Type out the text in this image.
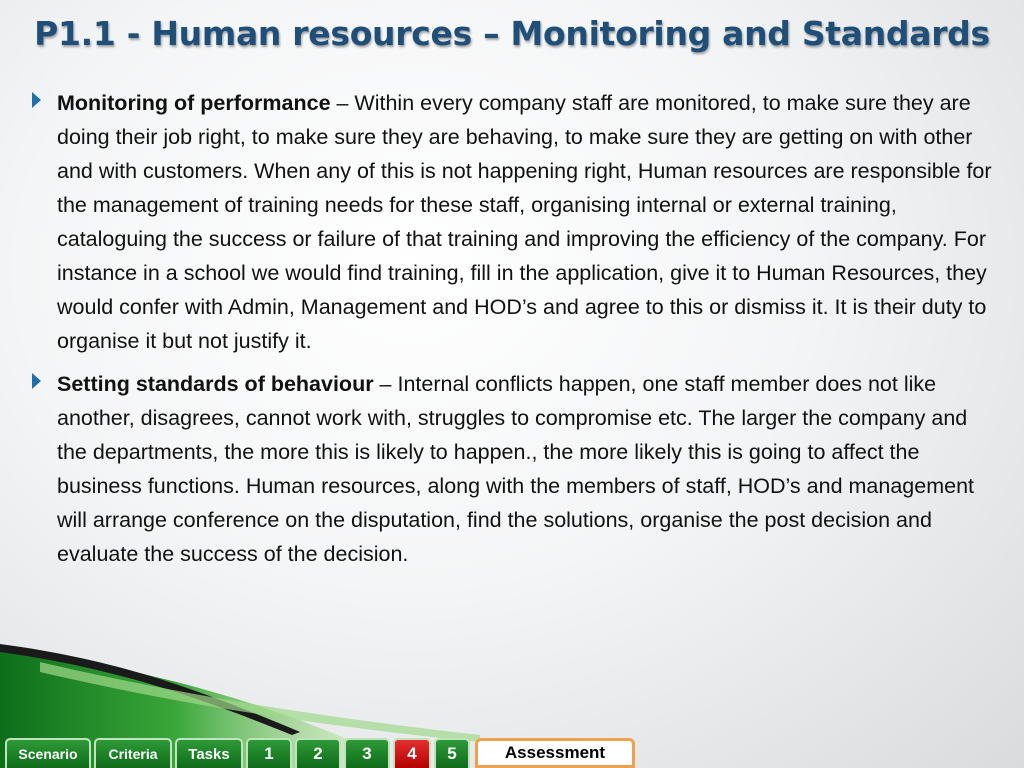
P1.1 - Human resources – Monitoring and Standards
Monitoring of performance – Within every company staff are monitored, to make sure they are doing their job right, to make sure they are behaving, to make sure they are getting on with other and with customers. When any of this is not happening right, Human resources are responsible for the management of training needs for these staff, organising internal or external training, cataloguing the success or failure of that training and improving the efficiency of the company. For instance in a school we would find training, fill in the application, give it to Human Resources, they would confer with Admin, Management and HOD’s and agree to this or dismiss it. It is their duty to organise it but not justify it.
Setting standards of behaviour – Internal conflicts happen, one staff member does not like another, disagrees, cannot work with, struggles to compromise etc. The larger the company and the departments, the more this is likely to happen., the more likely this is going to affect the business functions. Human resources, along with the members of staff, HOD’s and management will arrange conference on the disputation, find the solutions, organise the post decision and evaluate the success of the decision.
Scenario	Criteria	Tasks	1	2	3	4	5	Assessment
